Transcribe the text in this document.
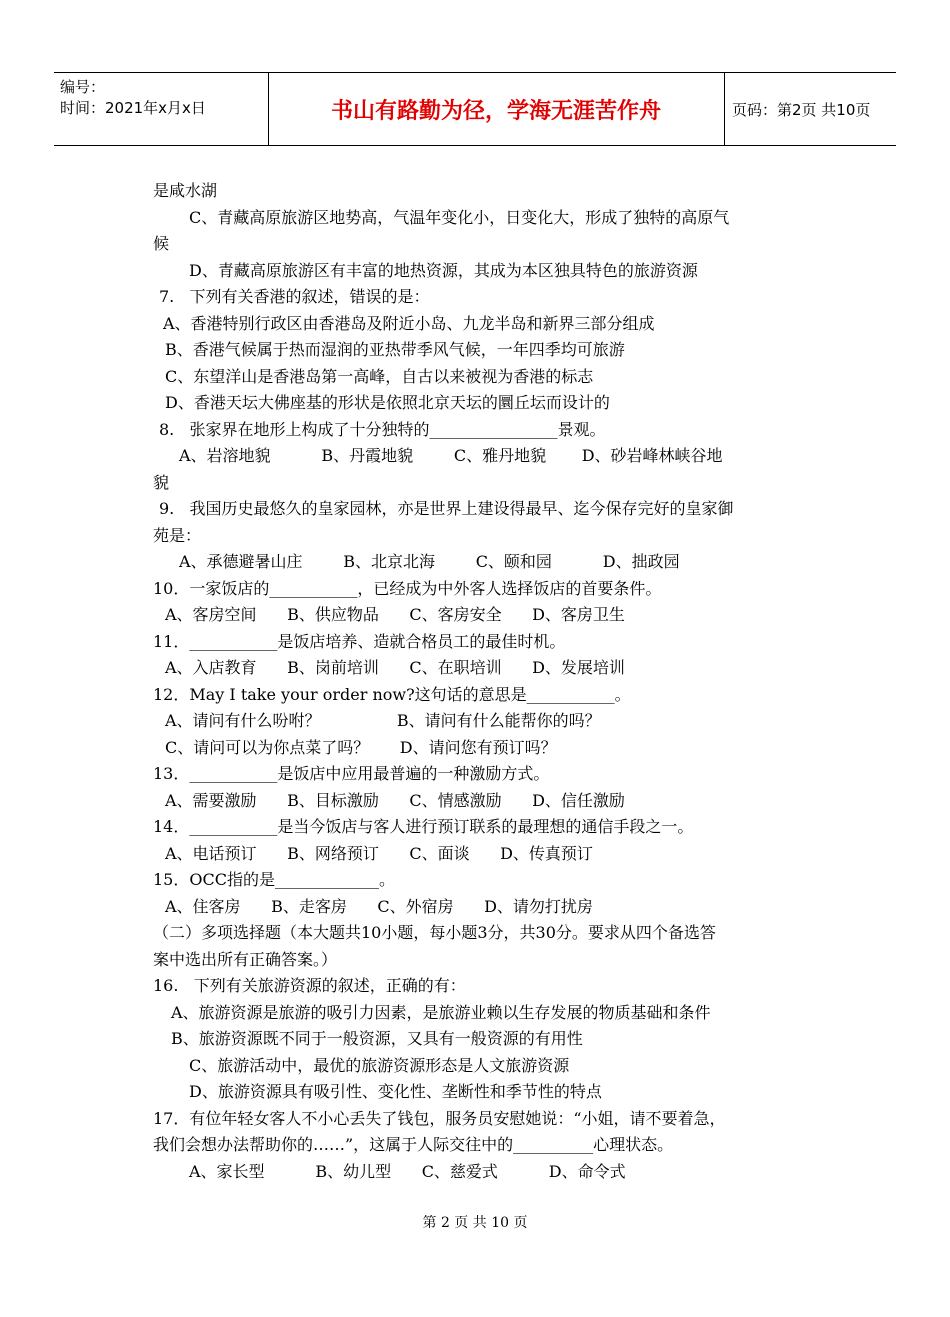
编号：
时间：2021年x月x日	书山有路勤为径，学海无涯苦作舟	页码：第2页 共10页
是咸水湖
C、青藏高原旅游区地势高，气温年变化小，日变化大，形成了独特的高原气
候
D、青藏高原旅游区有丰富的地热资源，其成为本区独具特色的旅游资源
7.   下列有关香港的叙述，错误的是：
A、香港特别行政区由香港岛及附近小岛、九龙半岛和新界三部分组成
B、香港气候属于热而湿润的亚热带季风气候，一年四季均可旅游
C、东望洋山是香港岛第一高峰，自古以来被视为香港的标志
D、香港天坛大佛座基的形状是依照北京天坛的圜丘坛而设计的
8.   张家界在地形上构成了十分独特的________________景观。
A、岩溶地貌          B、丹霞地貌        C、雅丹地貌       D、砂岩峰林峡谷地
貌
9.   我国历史最悠久的皇家园林，亦是世界上建设得最早、迄今保存完好的皇家御
苑是：
A、承德避暑山庄        B、北京北海        C、颐和园          D、拙政园
10．一家饭店的___________，已经成为中外客人选择饭店的首要条件。
A、客房空间      B、供应物品      C、客房安全      D、客房卫生
11．___________是饭店培养、造就合格员工的最佳时机。
A、入店教育      B、岗前培训      C、在职培训      D、发展培训
12．May I take your order now?这句话的意思是___________。
A、请问有什么吩咐？               B、请问有什么能帮你的吗？
C、请问可以为你点菜了吗？      D、请问您有预订吗？
13．___________是饭店中应用最普遍的一种激励方式。
A、需要激励      B、目标激励      C、情感激励      D、信任激励
14．___________是当今饭店与客人进行预订联系的最理想的通信手段之一。
A、电话预订      B、网络预订      C、面谈      D、传真预订
15．OCC指的是_____________。
A、住客房      B、走客房      C、外宿房      D、请勿打扰房
（二）多项选择题（本大题共10小题，每小题3分，共30分。要求从四个备选答
案中选出所有正确答案。）
16.   下列有关旅游资源的叙述，正确的有：
A、旅游资源是旅游的吸引力因素，是旅游业赖以生存发展的物质基础和条件
B、旅游资源既不同于一般资源，又具有一般资源的有用性
C、旅游活动中，最优的旅游资源形态是人文旅游资源
D、旅游资源具有吸引性、变化性、垄断性和季节性的特点
17．有位年轻女客人不小心丢失了钱包，服务员安慰她说：“小姐，请不要着急，
我们会想办法帮助你的……”，这属于人际交往中的__________心理状态。
A、家长型          B、幼儿型      C、慈爱式          D、命令式
第 2 页 共 10 页
